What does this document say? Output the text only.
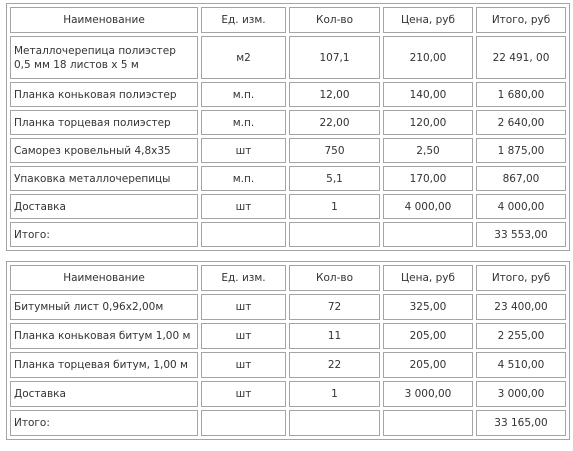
Наименование	Ед. изм.	Кол-во	Цена, руб	Итого, руб
Металлочерепица полиэстер 0,5 мм 18 листов х 5 м	м2	107,1	210,00	22 491, 00
Планка коньковая полиэстер	м.п.	12,00	140,00	1 680,00
Планка торцевая полиэстер	м.п.	22,00	120,00	2 640,00
Саморез кровельный 4,8х35	шт	750	2,50	1 875,00
Упаковка металлочерепицы	м.п.	5,1	170,00	867,00
Доставка	шт	1	4 000,00	4 000,00
Итого:				33 553,00
Наименование	Ед. изм.	Кол-во	Цена, руб	Итого, руб
Битумный лист 0,96х2,00м	шт	72	325,00	23 400,00
Планка коньковая битум 1,00 м	шт	11	205,00	2 255,00
Планка торцевая битум, 1,00 м	шт	22	205,00	4 510,00
Доставка	шт	1	3 000,00	3 000,00
Итого:				33 165,00
